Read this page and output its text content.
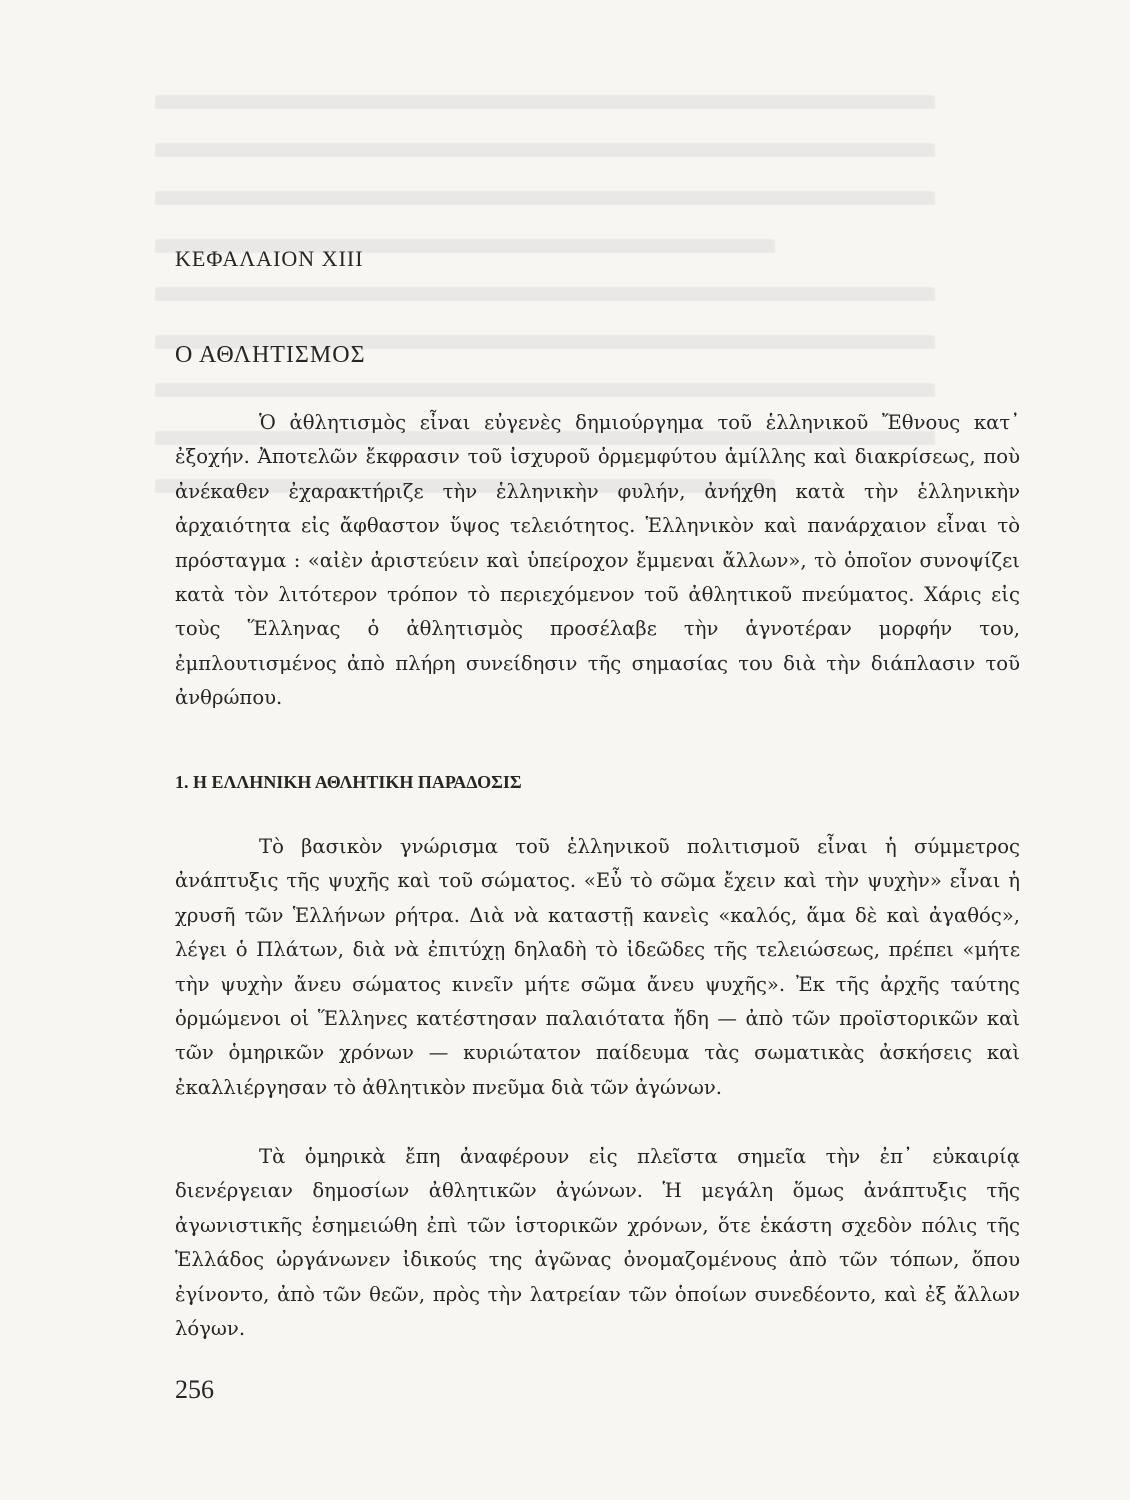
ΚΕΦΑΛΑΙΟΝ XIII
Ο ΑΘΛΗΤΙΣΜΟΣ

Ὁ ἀθλητισμὸς εἶναι εὐγενὲς δημιούργημα τοῦ ἑλληνικοῦ Ἔθνους κατ᾽ ἐξοχήν. Ἀποτελῶν ἔκφρασιν τοῦ ἰσχυροῦ ὁρμεμφύτου ἁμίλλης καὶ διακρίσεως, ποὺ ἀνέκαθεν ἐχαρακτήριζε τὴν ἑλληνικὴν φυλήν, ἀνήχθη κατὰ τὴν ἑλληνικὴν ἀρχαιότητα εἰς ἄφθαστον ὕψος τελειότητος. Ἑλληνικὸν καὶ πανάρχαιον εἶναι τὸ πρόσταγμα : «αἰὲν ἀριστεύειν καὶ ὑπείροχον ἔμμεναι ἄλλων», τὸ ὁποῖον συνοψίζει κατὰ τὸν λιτότερον τρόπον τὸ περιεχόμενον τοῦ ἀθλητικοῦ πνεύματος. Χάρις εἰς τοὺς Ἕλληνας ὁ ἀθλητισμὸς προσέλαβε τὴν ἁγνοτέραν μορφήν του, ἐμπλουτισμένος ἀπὸ πλήρη συνείδησιν τῆς σημασίας του διὰ τὴν διάπλασιν τοῦ ἀνθρώπου.

1. Η ΕΛΛΗΝΙΚΗ ΑΘΛΗΤΙΚΗ ΠΑΡΑΔΟΣΙΣ

Τὸ βασικὸν γνώρισμα τοῦ ἑλληνικοῦ πολιτισμοῦ εἶναι ἡ σύμμετρος ἀνάπτυξις τῆς ψυχῆς καὶ τοῦ σώματος. «Εὖ τὸ σῶμα ἔχειν καὶ τὴν ψυχὴν» εἶναι ἡ χρυσῆ τῶν Ἑλλήνων ρήτρα. Διὰ νὰ καταστῇ κανεὶς «καλός, ἅμα δὲ καὶ ἀγαθός», λέγει ὁ Πλάτων, διὰ νὰ ἐπιτύχῃ δηλαδὴ τὸ ἰδεῶδες τῆς τελειώσεως, πρέπει «μήτε τὴν ψυχὴν ἄνευ σώματος κινεῖν μήτε σῶμα ἄνευ ψυχῆς». Ἐκ τῆς ἀρχῆς ταύτης ὁρμώμενοι οἱ Ἕλληνες κατέστησαν παλαιότατα ἤδη — ἀπὸ τῶν προϊστορικῶν καὶ τῶν ὁμηρικῶν χρόνων — κυριώτατον παίδευμα τὰς σωματικὰς ἀσκήσεις καὶ ἐκαλλιέργησαν τὸ ἀθλητικὸν πνεῦμα διὰ τῶν ἀγώνων.

Τὰ ὁμηρικὰ ἔπη ἀναφέρουν εἰς πλεῖστα σημεῖα τὴν ἐπ᾽ εὐκαιρίᾳ διενέργειαν δημοσίων ἀθλητικῶν ἀγώνων. Ἡ μεγάλη ὅμως ἀνάπτυξις τῆς ἀγωνιστικῆς ἐσημειώθη ἐπὶ τῶν ἱστορικῶν χρόνων, ὅτε ἑκάστη σχεδὸν πόλις τῆς Ἑλλάδος ὠργάνωνεν ἰδικούς της ἀγῶνας ὀνομαζομένους ἀπὸ τῶν τόπων, ὅπου ἐγίνοντο, ἀπὸ τῶν θεῶν, πρὸς τὴν λατρείαν τῶν ὁποίων συνεδέοντο, καὶ ἐξ ἄλλων λόγων.

256
